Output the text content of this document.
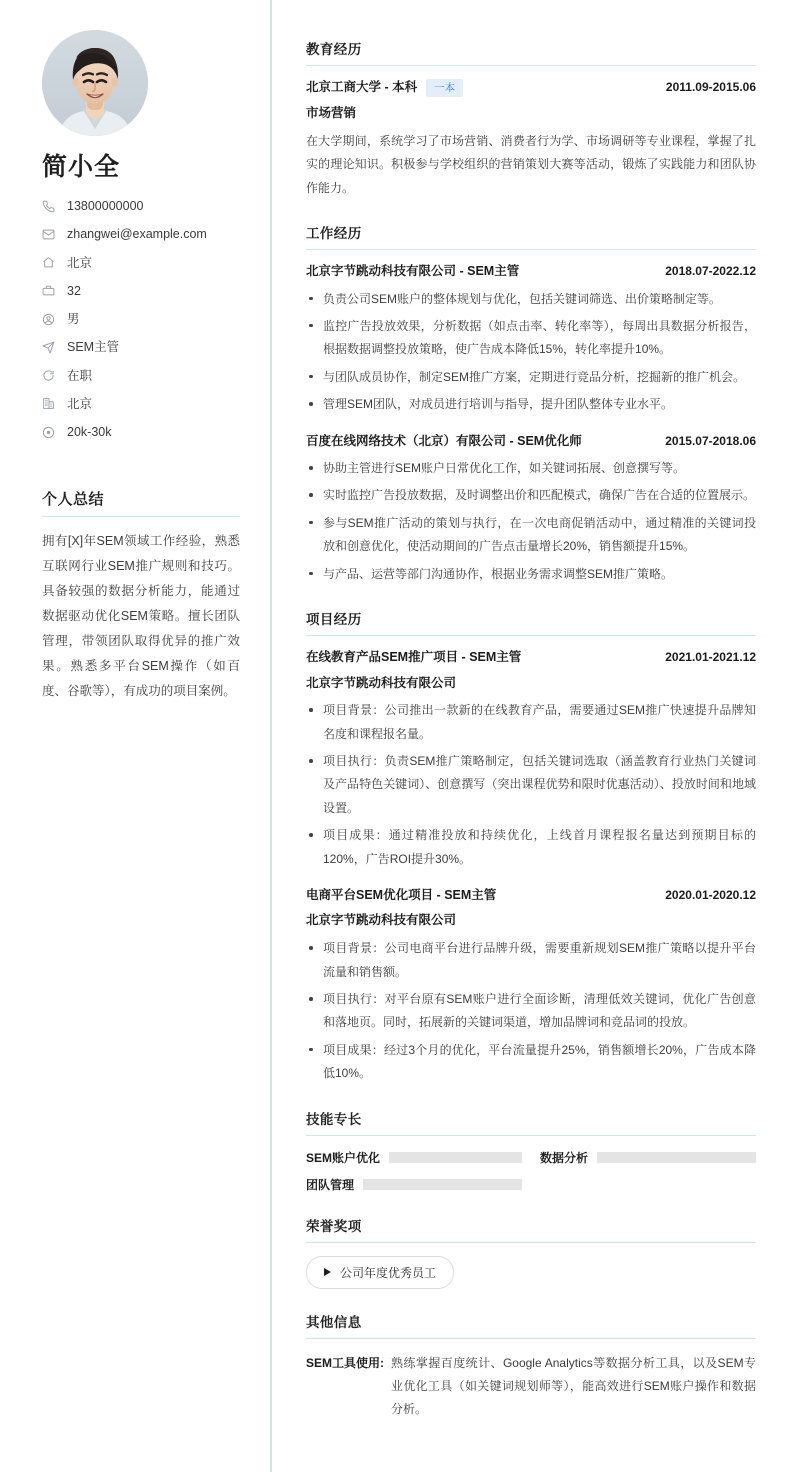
简小全
13800000000
zhangwei@example.com
北京
32
男
SEM主管
在职
北京
20k-30k
个人总结

拥有[X]年SEM领域工作经验，熟悉互联网行业SEM推广规则和技巧。具备较强的数据分析能力，能通过数据驱动优化SEM策略。擅长团队管理，带领团队取得优异的推广效果。熟悉多平台SEM操作（如百度、谷歌等），有成功的项目案例。

教育经历
北京工商大学 - 本科	一本	2011.09-2015.06
市场营销

在大学期间，系统学习了市场营销、消费者行为学、市场调研等专业课程，掌握了扎实的理论知识。积极参与学校组织的营销策划大赛等活动，锻炼了实践能力和团队协作能力。

工作经历
北京字节跳动科技有限公司 - SEM主管	2018.07-2022.12
负责公司SEM账户的整体规划与优化，包括关键词筛选、出价策略制定等。
监控广告投放效果，分析数据（如点击率、转化率等），每周出具数据分析报告，根据数据调整投放策略，使广告成本降低15%，转化率提升10%。
与团队成员协作，制定SEM推广方案，定期进行竞品分析，挖掘新的推广机会。
管理SEM团队，对成员进行培训与指导，提升团队整体专业水平。
百度在线网络技术（北京）有限公司 - SEM优化师	2015.07-2018.06
协助主管进行SEM账户日常优化工作，如关键词拓展、创意撰写等。
实时监控广告投放数据，及时调整出价和匹配模式，确保广告在合适的位置展示。
参与SEM推广活动的策划与执行，在一次电商促销活动中，通过精准的关键词投放和创意优化，使活动期间的广告点击量增长20%，销售额提升15%。
与产品、运营等部门沟通协作，根据业务需求调整SEM推广策略。
项目经历
在线教育产品SEM推广项目 - SEM主管	2021.01-2021.12
北京字节跳动科技有限公司
项目背景：公司推出一款新的在线教育产品，需要通过SEM推广快速提升品牌知名度和课程报名量。
项目执行：负责SEM推广策略制定，包括关键词选取（涵盖教育行业热门关键词及产品特色关键词）、创意撰写（突出课程优势和限时优惠活动）、投放时间和地域设置。
项目成果：通过精准投放和持续优化，上线首月课程报名量达到预期目标的120%，广告ROI提升30%。
电商平台SEM优化项目 - SEM主管	2020.01-2020.12
北京字节跳动科技有限公司
项目背景：公司电商平台进行品牌升级，需要重新规划SEM推广策略以提升平台流量和销售额。
项目执行：对平台原有SEM账户进行全面诊断，清理低效关键词，优化广告创意和落地页。同时，拓展新的关键词渠道，增加品牌词和竞品词的投放。
项目成果：经过3个月的优化，平台流量提升25%，销售额增长20%，广告成本降低10%。
技能专长
SEM账户优化	数据分析
团队管理
荣誉奖项
公司年度优秀员工
其他信息
SEM工具使用: 熟练掌握百度统计、Google Analytics等数据分析工具，以及SEM专业优化工具（如关键词规划师等），能高效进行SEM账户操作和数据分析。
